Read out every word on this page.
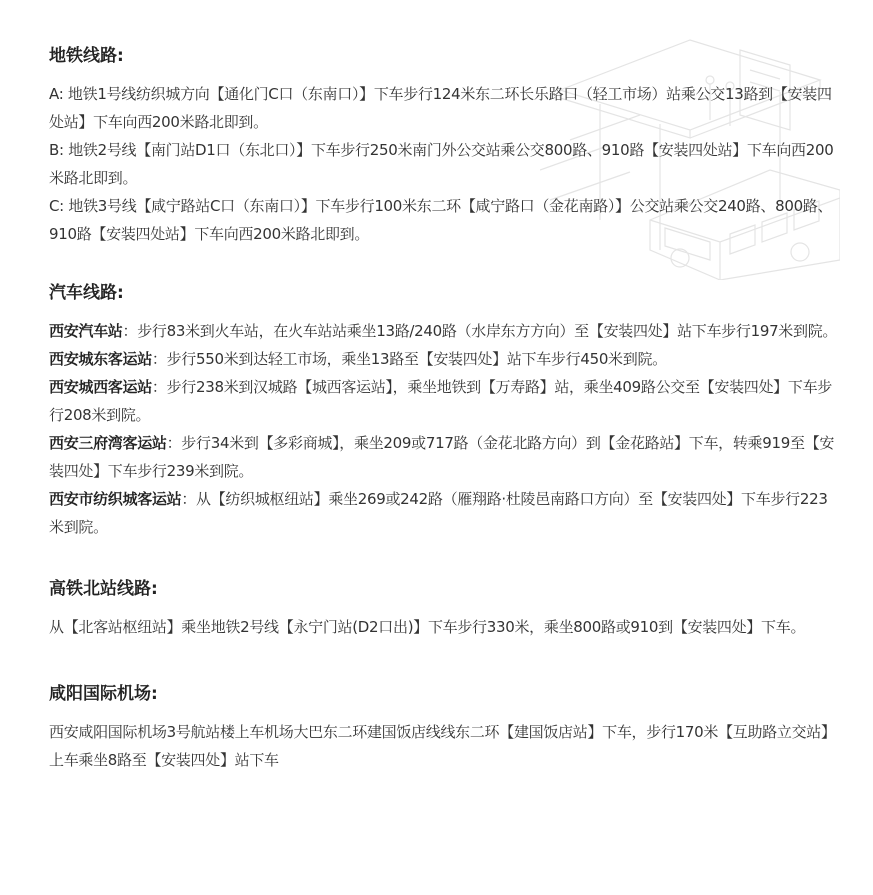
地铁线路:

A: 地铁1号线纺织城方向【通化门C口（东南口）】下车步行124米东二环长乐路口（轻工市场）站乘公交13路到【安装四处站】下车向西200米路北即到。

B: 地铁2号线【南门站D1口（东北口）】下车步行250米南门外公交站乘公交800路、910路【安装四处站】下车向西200米路北即到。

C: 地铁3号线【咸宁路站C口（东南口）】下车步行100米东二环【咸宁路口（金花南路）】公交站乘公交240路、800路、910路【安装四处站】下车向西200米路北即到。

汽车线路:

西安汽车站：步行83米到火车站，在火车站站乘坐13路/240路（水岸东方方向）至【安装四处】站下车步行197米到院。

西安城东客运站：步行550米到达轻工市场，乘坐13路至【安装四处】站下车步行450米到院。

西安城西客运站：步行238米到汉城路【城西客运站】，乘坐地铁到【万寿路】站，乘坐409路公交至【安装四处】下车步行208米到院。

西安三府湾客运站：步行34米到【多彩商城】，乘坐209或717路（金花北路方向）到【金花路站】下车，转乘919至【安装四处】下车步行239米到院。

西安市纺织城客运站：从【纺织城枢纽站】乘坐269或242路（雁翔路·杜陵邑南路口方向）至【安装四处】下车步行223米到院。

高铁北站线路:

从【北客站枢纽站】乘坐地铁2号线【永宁门站(D2口出)】下车步行330米，乘坐800路或910到【安装四处】下车。

咸阳国际机场:

西安咸阳国际机场3号航站楼上车机场大巴东二环建国饭店线线东二环【建国饭店站】下车，步行170米【互助路立交站】上车乘坐8路至【安装四处】站下车
